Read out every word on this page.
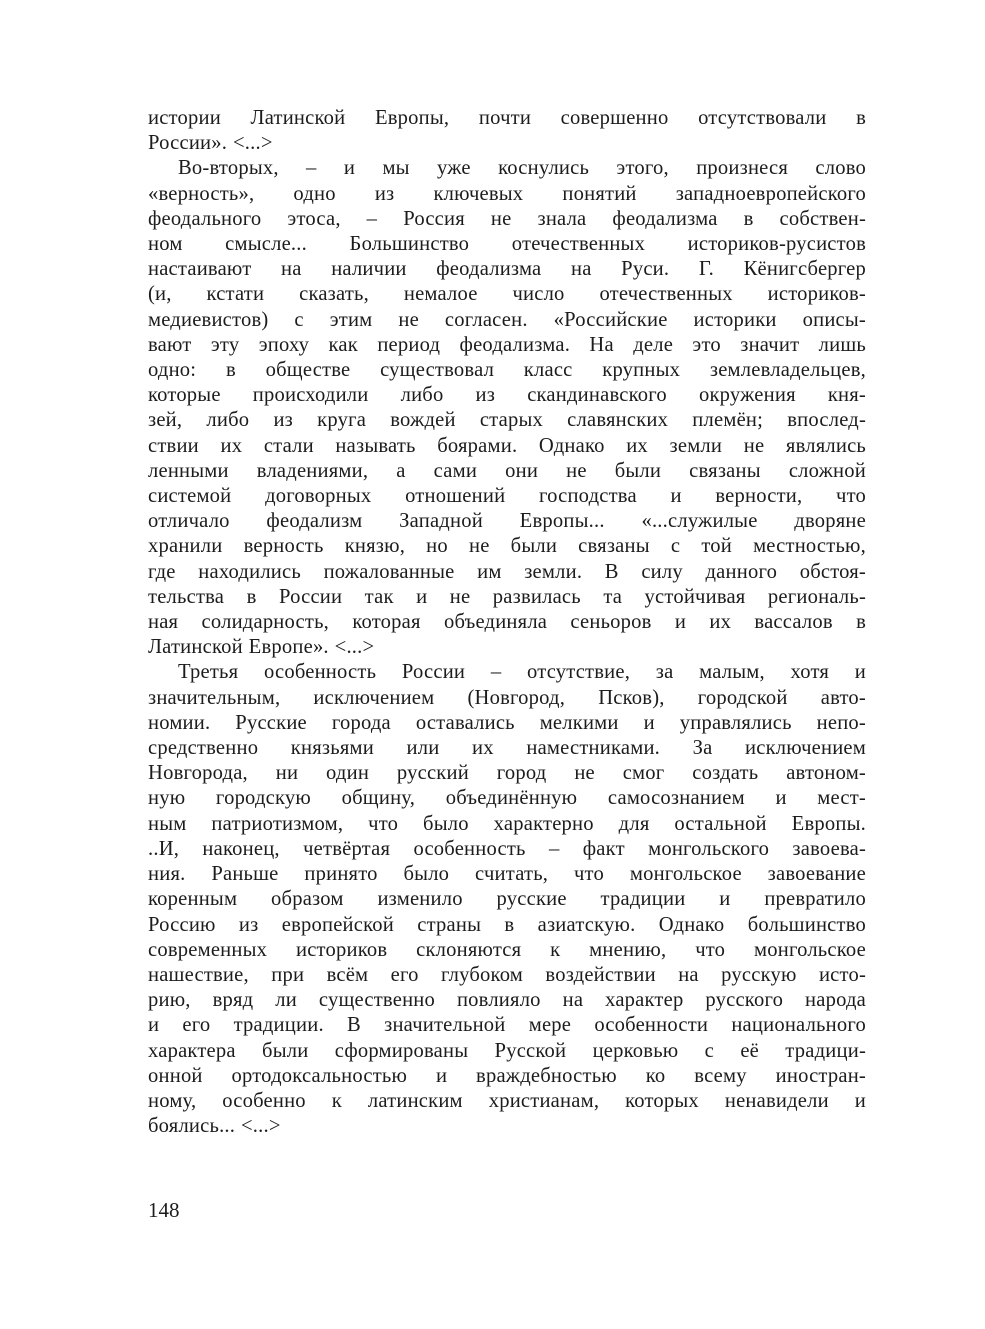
истории Латинской Европы, почти совершенно отсутствовали в
России». <...>
Во-вторых, – и мы уже коснулись этого, произнеся слово
«верность», одно из ключевых понятий западноевропейского
феодального этоса, – Россия не знала феодализма в собствен-
ном смысле... Большинство отечественных историков-русистов
настаивают на наличии феодализма на Руси. Г. Кёнигсбергер
(и, кстати сказать, немалое число отечественных историков-
медиевистов) с этим не согласен. «Российские историки описы-
вают эту эпоху как период феодализма. На деле это значит лишь
одно: в обществе существовал класс крупных землевладельцев,
которые происходили либо из скандинавского окружения кня-
зей, либо из круга вождей старых славянских племён; впослед-
ствии их стали называть боярами. Однако их земли не являлись
ленными владениями, а сами они не были связаны сложной
системой договорных отношений господства и верности, что
отличало феодализм Западной Европы... «...служилые дворяне
хранили верность князю, но не были связаны с той местностью,
где находились пожалованные им земли. В силу данного обстоя-
тельства в России так и не развилась та устойчивая региональ-
ная солидарность, которая объединяла сеньоров и их вассалов в
Латинской Европе». <...>
Третья особенность России – отсутствие, за малым, хотя и
значительным, исключением (Новгород, Псков), городской авто-
номии. Русские города оставались мелкими и управлялись непо-
средственно князьями или их наместниками. За исключением
Новгорода, ни один русский город не смог создать автоном-
ную городскую общину, объединённую самосознанием и мест-
ным патриотизмом, что было характерно для остальной Европы.
..И, наконец, четвёртая особенность – факт монгольского завоева-
ния. Раньше принято было считать, что монгольское завоевание
коренным образом изменило русские традиции и превратило
Россию из европейской страны в азиатскую. Однако большинство
современных историков склоняются к мнению, что монгольское
нашествие, при всём его глубоком воздействии на русскую исто-
рию, вряд ли существенно повлияло на характер русского народа
и его традиции. В значительной мере особенности национального
характера были сформированы Русской церковью с её традици-
онной ортодоксальностью и враждебностью ко всему иностран-
ному, особенно к латинским христианам, которых ненавидели и
боялись... <...>
148
